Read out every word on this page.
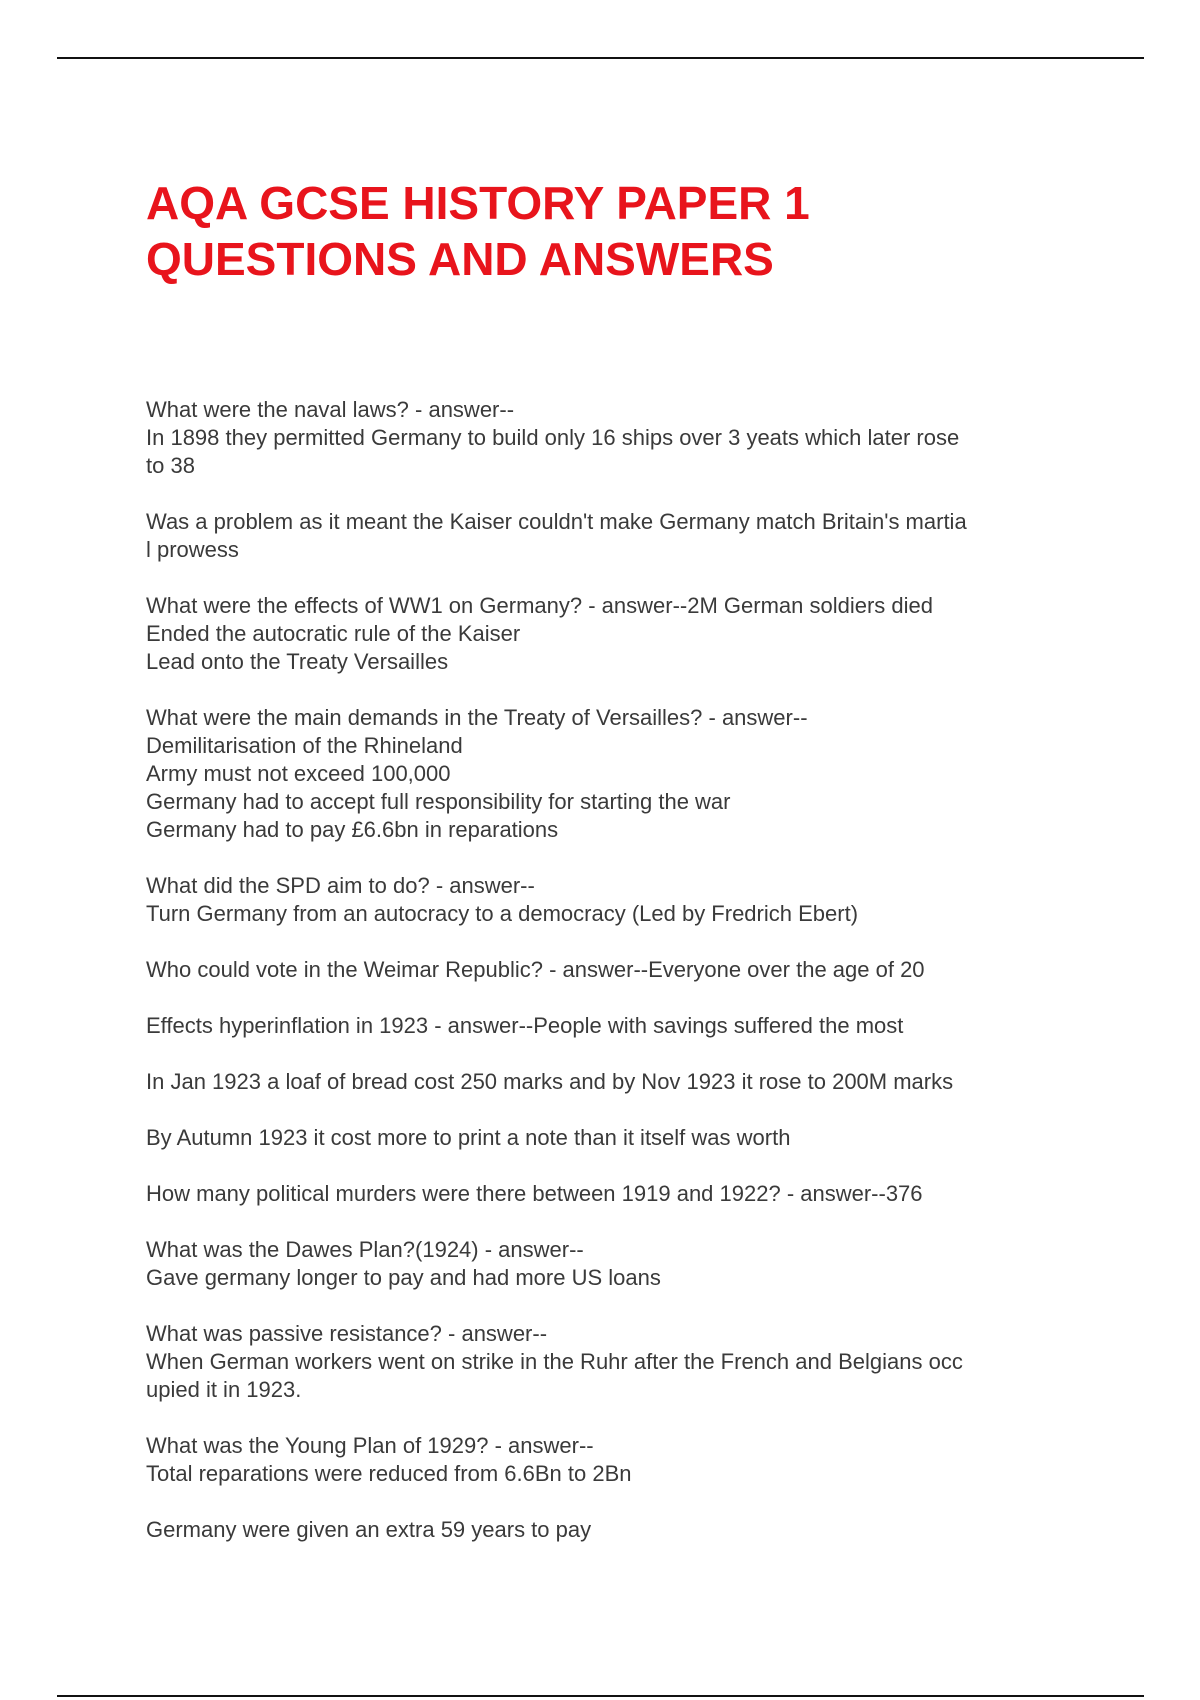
AQA GCSE HISTORY PAPER 1
QUESTIONS AND ANSWERS
What were the naval laws? - answer--
In 1898 they permitted Germany to build only 16 ships over 3 yeats which later rose
to 38
Was a problem as it meant the Kaiser couldn't make Germany match Britain's martia
l prowess
What were the effects of WW1 on Germany? - answer--2M German soldiers died
Ended the autocratic rule of the Kaiser
Lead onto the Treaty Versailles
What were the main demands in the Treaty of Versailles? - answer--
Demilitarisation of the Rhineland
Army must not exceed 100,000
Germany had to accept full responsibility for starting the war
Germany had to pay £6.6bn in reparations
What did the SPD aim to do? - answer--
Turn Germany from an autocracy to a democracy (Led by Fredrich Ebert)
Who could vote in the Weimar Republic? - answer--Everyone over the age of 20
Effects hyperinflation in 1923 - answer--People with savings suffered the most
In Jan 1923 a loaf of bread cost 250 marks and by Nov 1923 it rose to 200M marks
By Autumn 1923 it cost more to print a note than it itself was worth
How many political murders were there between 1919 and 1922? - answer--376
What was the Dawes Plan?(1924) - answer--
Gave germany longer to pay and had more US loans
What was passive resistance? - answer--
When German workers went on strike in the Ruhr after the French and Belgians occ
upied it in 1923.
What was the Young Plan of 1929? - answer--
Total reparations were reduced from 6.6Bn to 2Bn
Germany were given an extra 59 years to pay
